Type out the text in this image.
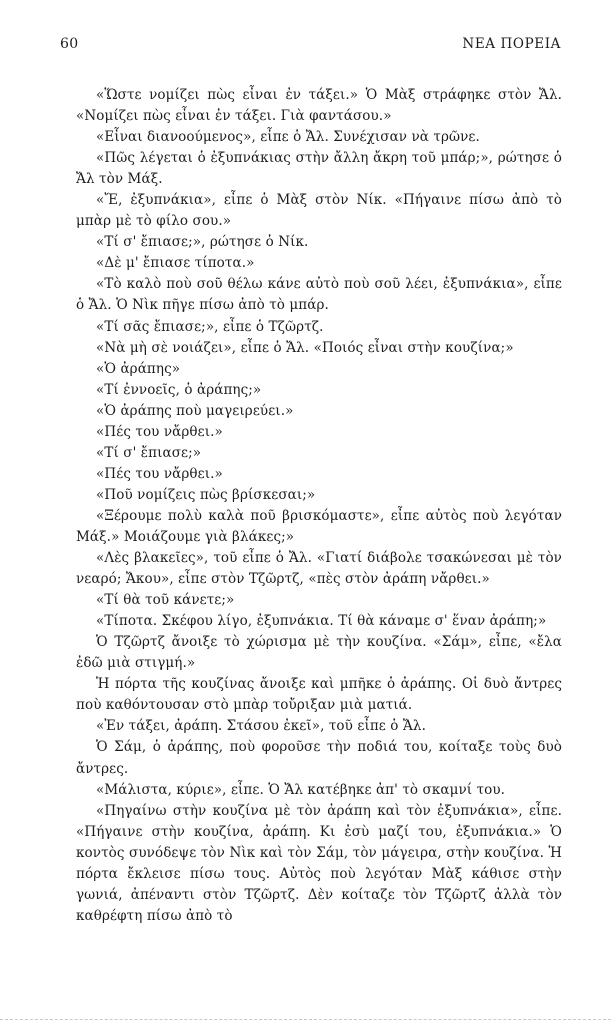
60	ΝΕΑ ΠΟΡΕΙΑ

«Ὥστε νομίζει πὼς εἶναι ἐν τάξει.» Ὁ Μὰξ στράφηκε στὸν Ἄλ. «Νομίζει πὼς εἶναι ἐν τάξει. Γιὰ φαντάσου.»

«Εἶναι διανοούμενος», εἶπε ὁ Ἄλ. Συνέχισαν νὰ τρῶνε.

«Πῶς λέγεται ὁ ἐξυπνάκιας στὴν ἄλλη ἄκρη τοῦ μπάρ;», ρώτησε ὁ Ἄλ τὸν Μάξ.

«Ἔ, ἐξυπνάκια», εἶπε ὁ Μὰξ στὸν Νίκ. «Πήγαινε πίσω ἀπὸ τὸ μπὰρ μὲ τὸ φίλο σου.»

«Τί σ' ἔπιασε;», ρώτησε ὁ Νίκ.

«Δὲ μ' ἔπιασε τίποτα.»

«Τὸ καλὸ ποὺ σοῦ θέλω κάνε αὐτὸ ποὺ σοῦ λέει, ἐξυπνάκια», εἶπε ὁ Ἄλ. Ὁ Νὶκ πῆγε πίσω ἀπὸ τὸ μπάρ.

«Τί σᾶς ἔπιασε;», εἶπε ὁ Τζῶρτζ.

«Νὰ μὴ σὲ νοιάζει», εἶπε ὁ Ἄλ. «Ποιός εἶναι στὴν κουζίνα;»

«Ὁ ἀράπης»

«Τί ἐννοεῖς, ὁ ἀράπης;»

«Ὁ ἀράπης ποὺ μαγειρεύει.»

«Πές του νἄρθει.»

«Τί σ' ἔπιασε;»

«Πές του νἄρθει.»

«Ποῦ νομίζεις πὼς βρίσκεσαι;»

«Ξέρουμε πολὺ καλὰ ποῦ βρισκόμαστε», εἶπε αὐτὸς ποὺ λεγόταν Μάξ.» Μοιάζουμε γιὰ βλάκες;»

«Λὲς βλακεῖες», τοῦ εἶπε ὁ Ἄλ. «Γιατί διάβολε τσακώνεσαι μὲ τὸν νεαρό; Ἄκου», εἶπε στὸν Τζῶρτζ, «πὲς στὸν ἀράπη νἄρθει.»

«Τί θὰ τοῦ κάνετε;»

«Τίποτα. Σκέφου λίγο, ἐξυπνάκια. Τί θὰ κάναμε σ' ἕναν ἀράπη;»

Ὁ Τζῶρτζ ἄνοιξε τὸ χώρισμα μὲ τὴν κουζίνα. «Σάμ», εἶπε, «ἔλα ἐδῶ μιὰ στιγμή.»

Ἡ πόρτα τῆς κουζίνας ἄνοιξε καὶ μπῆκε ὁ ἀράπης. Οἱ δυὸ ἄντρες ποὺ καθόντουσαν στὸ μπὰρ τοὔριξαν μιὰ ματιά.

«Ἐν τάξει, ἀράπη. Στάσου ἐκεῖ», τοῦ εἶπε ὁ Ἄλ.

Ὁ Σάμ, ὁ ἀράπης, ποὺ φοροῦσε τὴν ποδιά του, κοίταξε τοὺς δυὸ ἄντρες.

«Μάλιστα, κύριε», εἶπε. Ὁ Ἄλ κατέβηκε ἀπ' τὸ σκαμνί του.

«Πηγαίνω στὴν κουζίνα μὲ τὸν ἀράπη καὶ τὸν ἐξυπνάκια», εἶπε. «Πήγαινε στὴν κουζίνα, ἀράπη. Κι ἐσὺ μαζί του, ἐξυπνάκια.» Ὁ κοντὸς συνόδεψε τὸν Νὶκ καὶ τὸν Σάμ, τὸν μάγειρα, στὴν κουζίνα. Ἡ πόρτα ἔκλεισε πίσω τους. Αὐτὸς ποὺ λεγόταν Μὰξ κάθισε στὴν γωνιά, ἀπέναντι στὸν Τζῶρτζ. Δὲν κοίταζε τὸν Τζῶρτζ ἀλλὰ τὸν καθρέφτη πίσω ἀπὸ τὸ
